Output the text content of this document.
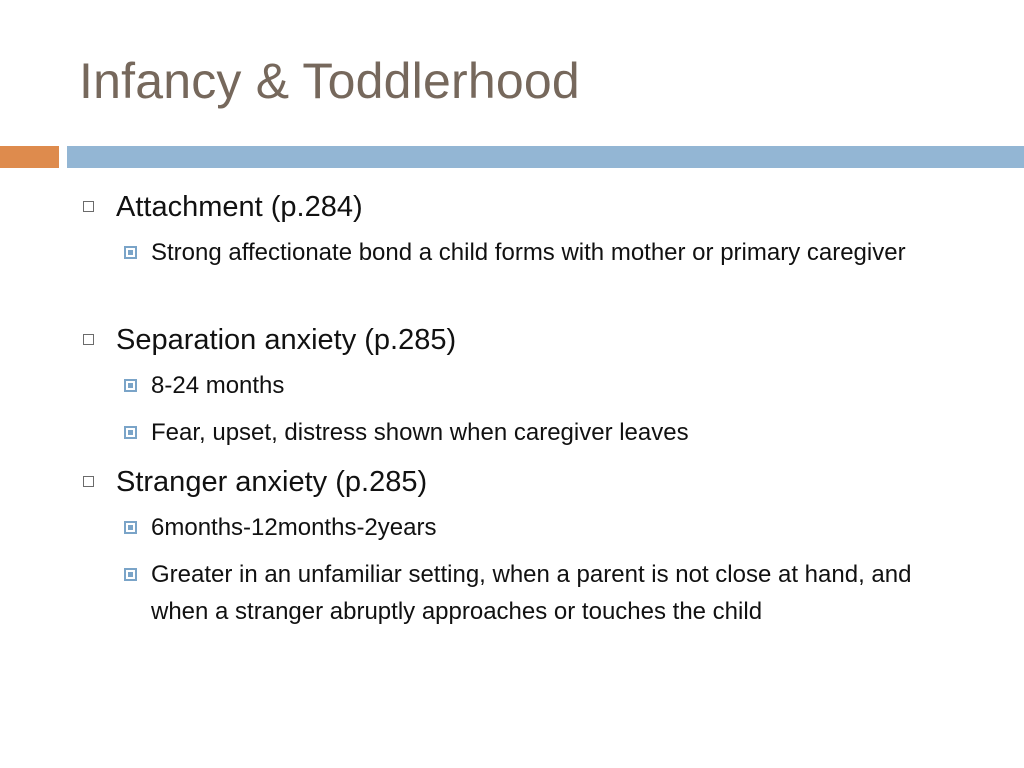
Infancy & Toddlerhood
Attachment (p.284)
Strong affectionate bond a child forms with mother or primary caregiver
Separation anxiety (p.285)
8-24 months
Fear, upset, distress shown when caregiver leaves
Stranger anxiety (p.285)
6months-12months-2years
Greater in an unfamiliar setting, when a parent is not close at hand, and when a stranger abruptly approaches or touches the child
